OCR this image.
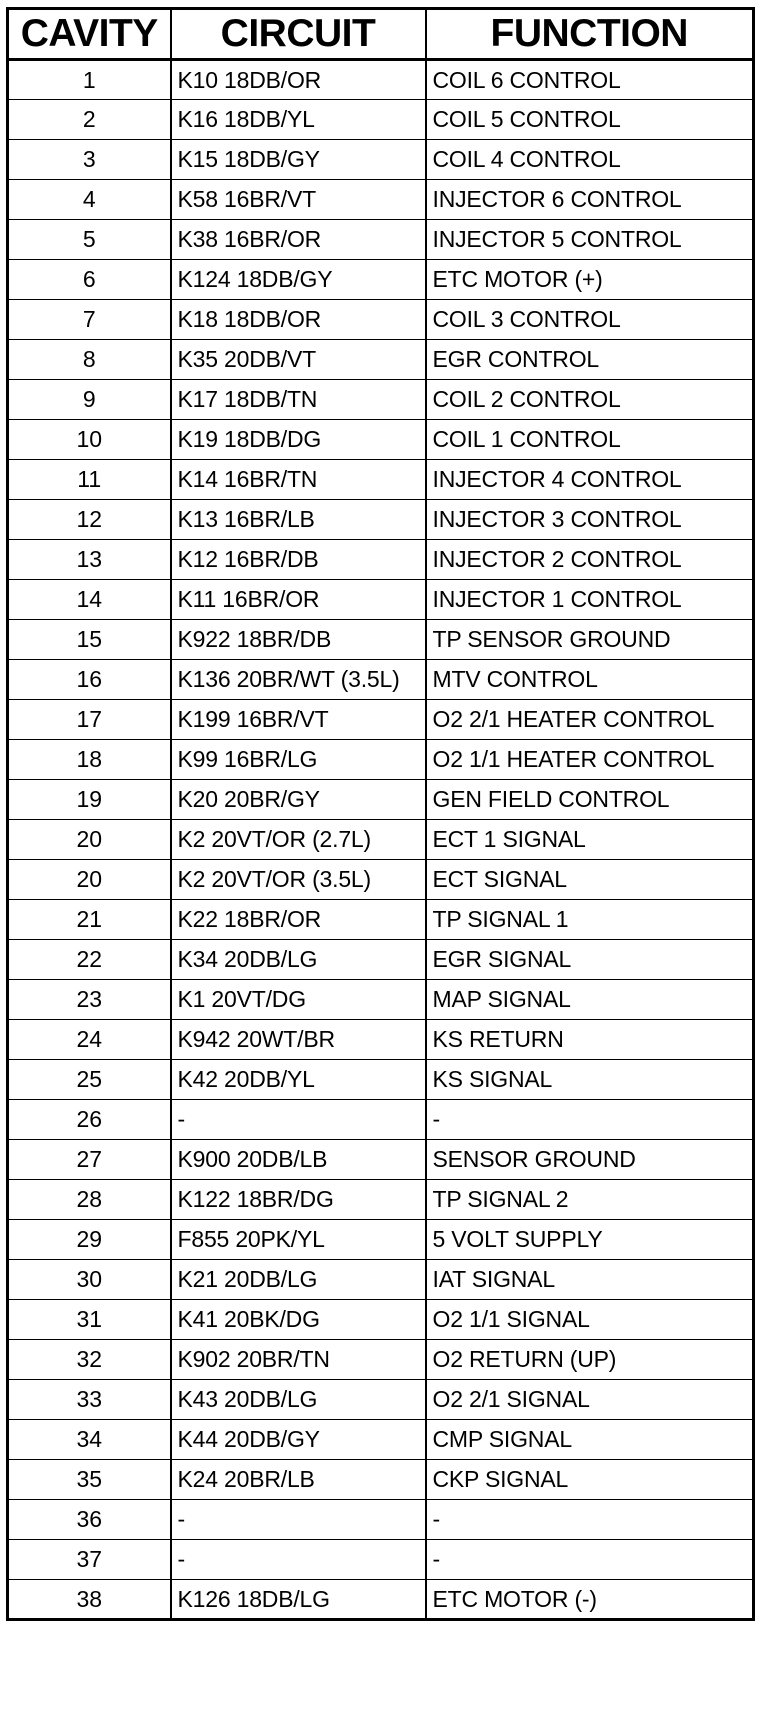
CAVITY	CIRCUIT	FUNCTION
1	K10 18DB/OR	COIL 6 CONTROL
2	K16 18DB/YL	COIL 5 CONTROL
3	K15 18DB/GY	COIL 4 CONTROL
4	K58 16BR/VT	INJECTOR 6 CONTROL
5	K38 16BR/OR	INJECTOR 5 CONTROL
6	K124 18DB/GY	ETC MOTOR (+)
7	K18 18DB/OR	COIL 3 CONTROL
8	K35 20DB/VT	EGR CONTROL
9	K17 18DB/TN	COIL 2 CONTROL
10	K19 18DB/DG	COIL 1 CONTROL
11	K14 16BR/TN	INJECTOR 4 CONTROL
12	K13 16BR/LB	INJECTOR 3 CONTROL
13	K12 16BR/DB	INJECTOR 2 CONTROL
14	K11 16BR/OR	INJECTOR 1 CONTROL
15	K922 18BR/DB	TP SENSOR GROUND
16	K136 20BR/WT (3.5L)	MTV CONTROL
17	K199 16BR/VT	O2 2/1 HEATER CONTROL
18	K99 16BR/LG	O2 1/1 HEATER CONTROL
19	K20 20BR/GY	GEN FIELD CONTROL
20	K2 20VT/OR (2.7L)	ECT 1 SIGNAL
20	K2 20VT/OR (3.5L)	ECT SIGNAL
21	K22 18BR/OR	TP SIGNAL 1
22	K34 20DB/LG	EGR SIGNAL
23	K1 20VT/DG	MAP SIGNAL
24	K942 20WT/BR	KS RETURN
25	K42 20DB/YL	KS SIGNAL
26	-	-
27	K900 20DB/LB	SENSOR GROUND
28	K122 18BR/DG	TP SIGNAL 2
29	F855 20PK/YL	5 VOLT SUPPLY
30	K21 20DB/LG	IAT SIGNAL
31	K41 20BK/DG	O2 1/1 SIGNAL
32	K902 20BR/TN	O2 RETURN (UP)
33	K43 20DB/LG	O2 2/1 SIGNAL
34	K44 20DB/GY	CMP SIGNAL
35	K24 20BR/LB	CKP SIGNAL
36	-	-
37	-	-
38	K126 18DB/LG	ETC MOTOR (-)
